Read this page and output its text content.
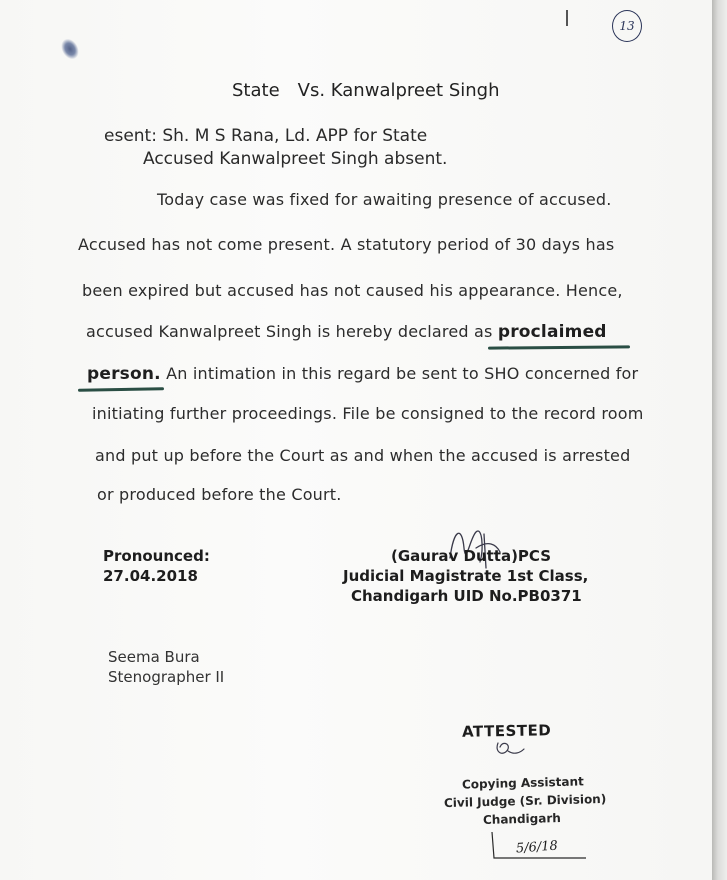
13
State Vs. Kanwalpreet Singh
esent: Sh. M S Rana, Ld. APP for State
Accused Kanwalpreet Singh absent.
Today case was fixed for awaiting presence of accused.
Accused has not come present. A statutory period of 30 days has
been expired but accused has not caused his appearance. Hence,
accused Kanwalpreet Singh is hereby declared as proclaimed
person. An intimation in this regard be sent to SHO concerned for
initiating further proceedings. File be consigned to the record room
and put up before the Court as and when the accused is arrested
or produced before the Court.
Pronounced:
27.04.2018
(Gaurav Dutta)PCS
Judicial Magistrate 1st Class,
Chandigarh UID No.PB0371
Seema Bura
Stenographer II
ATTESTED
Copying Assistant
Civil Judge (Sr. Division)
Chandigarh
5/6/18
